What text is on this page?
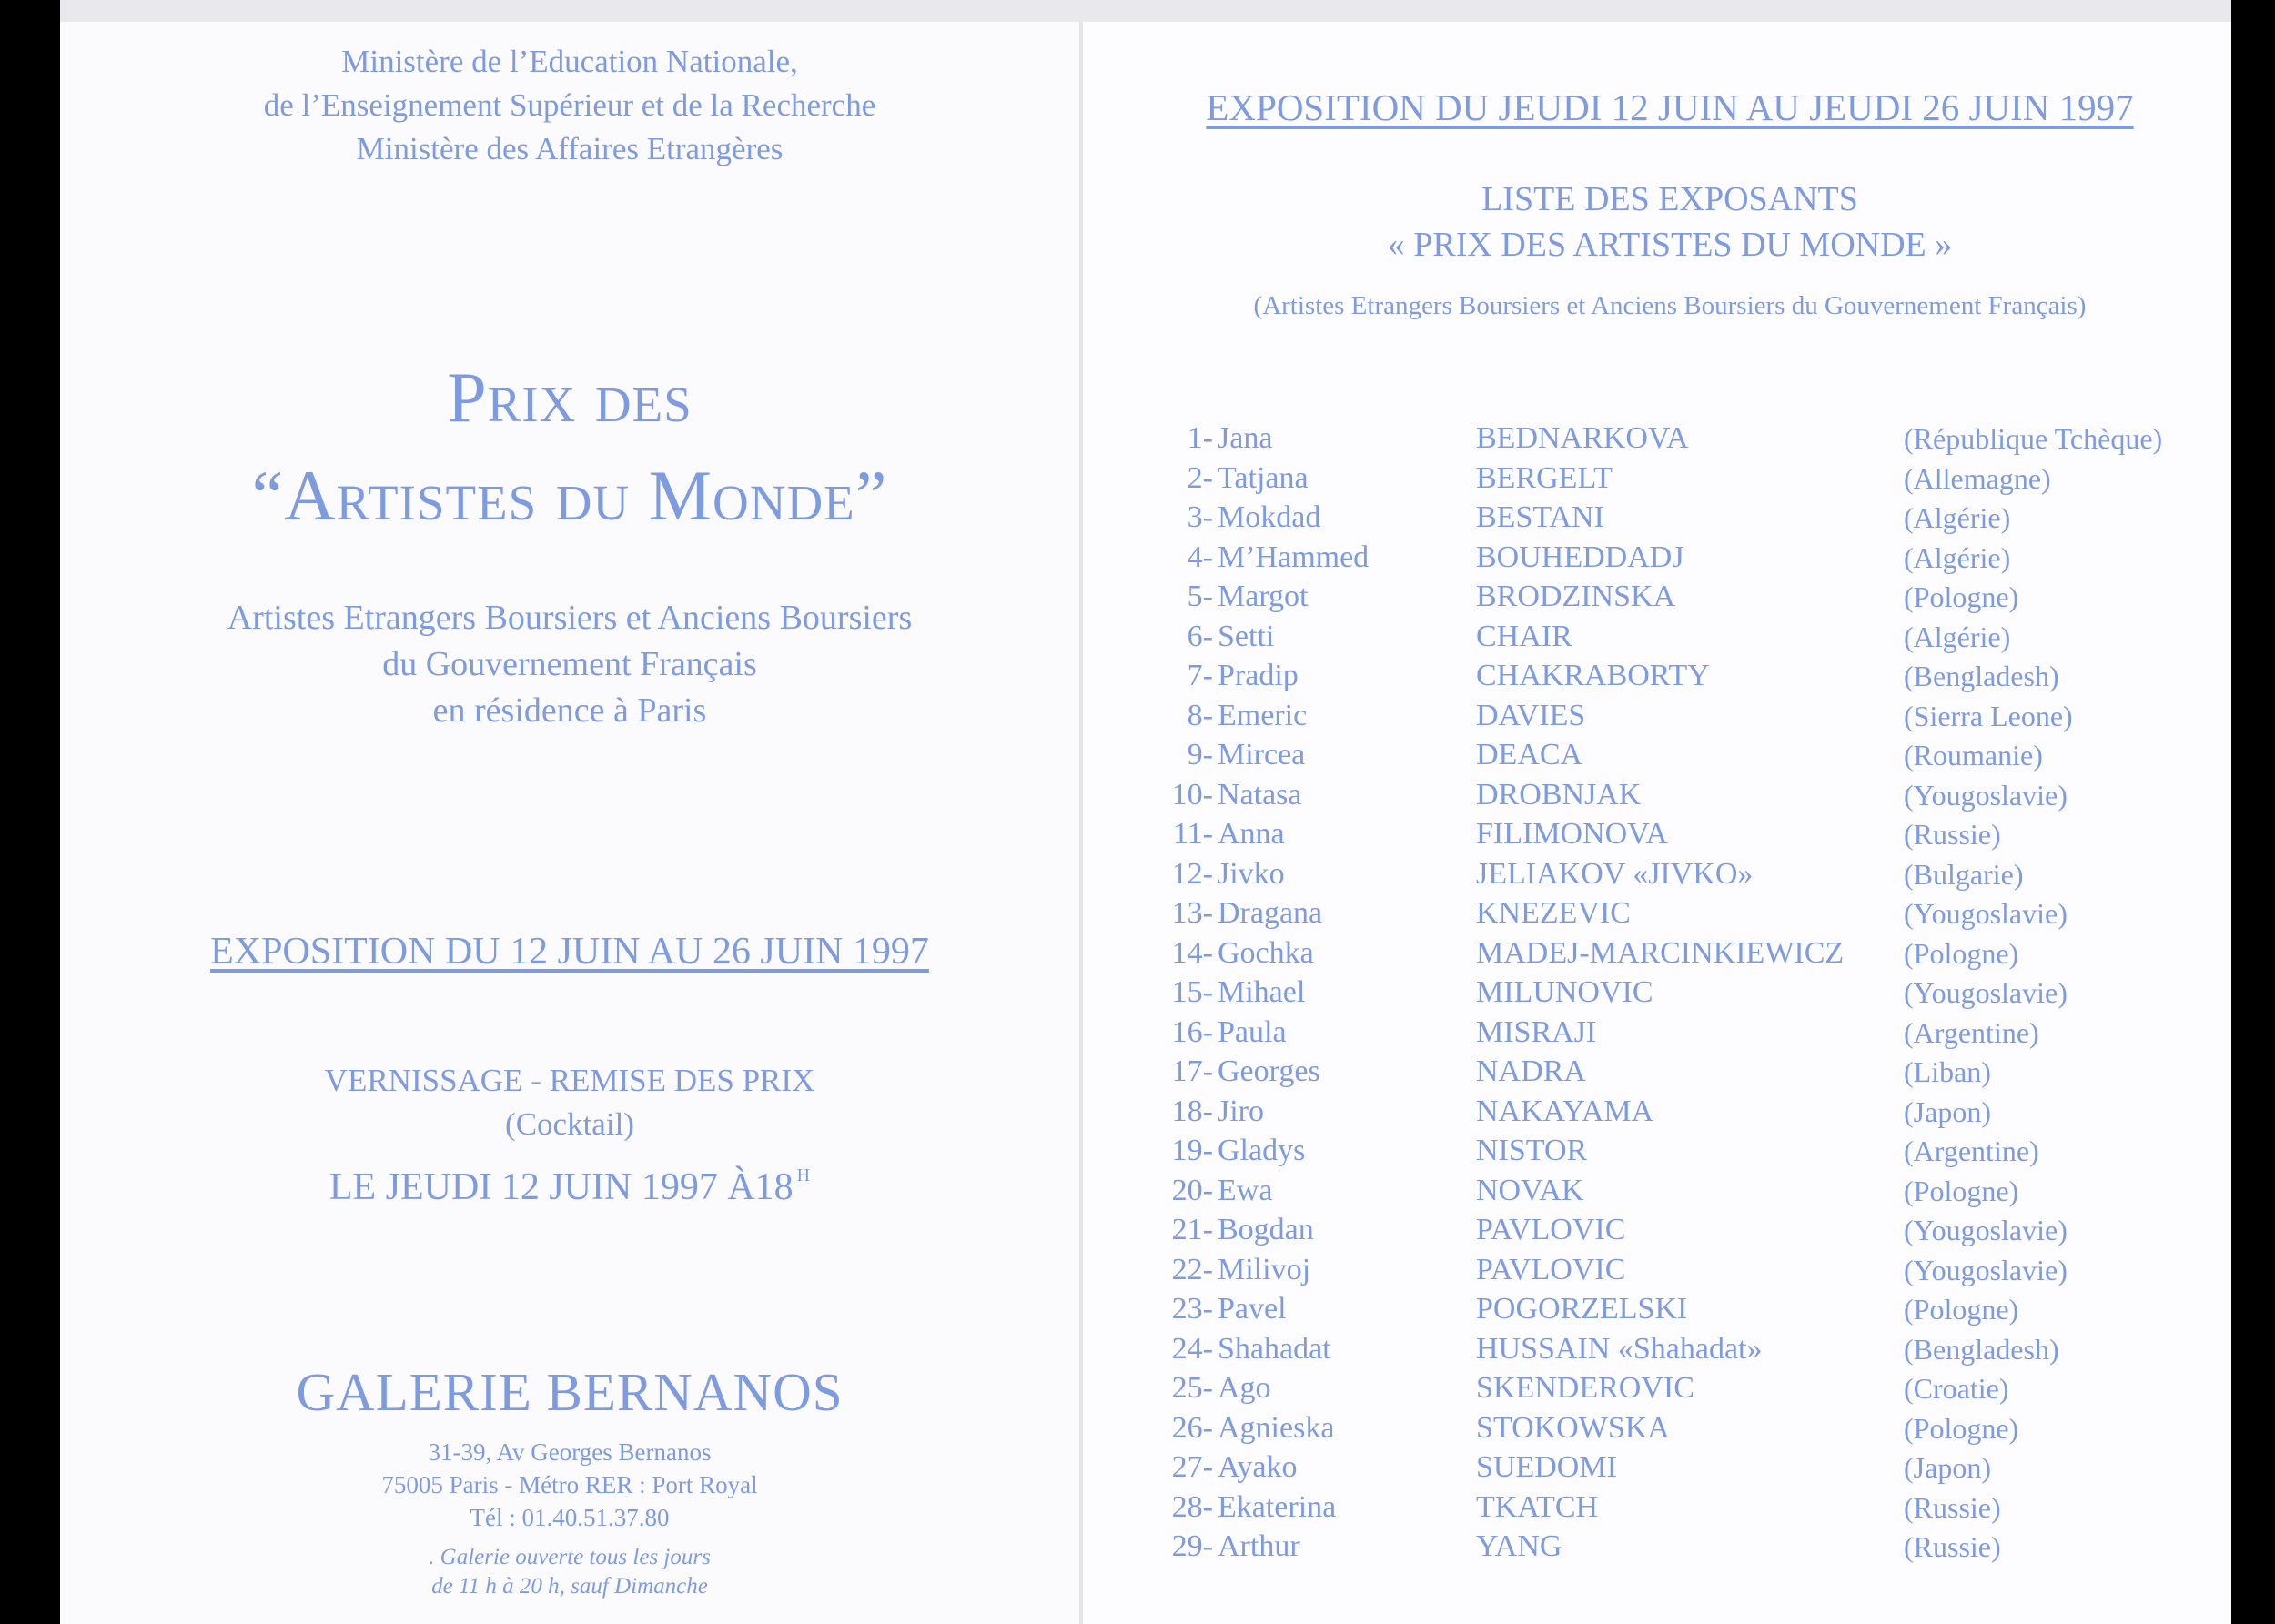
Ministère de l’Education Nationale,
de l’Enseignement Supérieur et de la Recherche
Ministère des Affaires Etrangères
Prix des
“Artistes du Monde”
Artistes Etrangers Boursiers et Anciens Boursiers
du Gouvernement Français
en résidence à Paris
EXPOSITION DU 12 JUIN AU 26 JUIN 1997
VERNISSAGE - REMISE DES PRIX
(Cocktail)
LE JEUDI 12 JUIN 1997 À18 $^H$
GALERIE BERNANOS
31-39, Av Georges Bernanos
75005 Paris - Métro RER : Port Royal
Tél : 01.40.51.37.80
. Galerie ouverte tous les jours
de 11 h à 20 h, sauf Dimanche
EXPOSITION DU JEUDI 12 JUIN AU JEUDI 26 JUIN 1997
LISTE DES EXPOSANTS
« PRIX DES ARTISTES DU MONDE »
(Artistes Etrangers Boursiers et Anciens Boursiers du Gouvernement Français)
1- Jana	BEDNARKOVA	(République Tchèque)
2- Tatjana	BERGELT	(Allemagne)
3- Mokdad	BESTANI	(Algérie)
4- M’Hammed	BOUHEDDADJ	(Algérie)
5- Margot	BRODZINSKA	(Pologne)
6- Setti	CHAIR	(Algérie)
7- Pradip	CHAKRABORTY	(Bengladesh)
8- Emeric	DAVIES	(Sierra Leone)
9- Mircea	DEACA	(Roumanie)
10- Natasa	DROBNJAK	(Yougoslavie)
11- Anna	FILIMONOVA	(Russie)
12- Jivko	JELIAKOV «JIVKO»	(Bulgarie)
13- Dragana	KNEZEVIC	(Yougoslavie)
14- Gochka	MADEJ-MARCINKIEWICZ (Pologne)
15- Mihael	MILUNOVIC	(Yougoslavie)
16- Paula	MISRAJI	(Argentine)
17- Georges	NADRA	(Liban)
18- Jiro	NAKAYAMA	(Japon)
19- Gladys	NISTOR	(Argentine)
20- Ewa	NOVAK	(Pologne)
21- Bogdan	PAVLOVIC	(Yougoslavie)
22- Milivoj	PAVLOVIC	(Yougoslavie)
23- Pavel	POGORZELSKI	(Pologne)
24- Shahadat	HUSSAIN «Shahadat»	(Bengladesh)
25- Ago	SKENDEROVIC	(Croatie)
26- Agnieska	STOKOWSKA	(Pologne)
27- Ayako	SUEDOMI	(Japon)
28- Ekaterina	TKATCH	(Russie)
29- Arthur	YANG	(Russie)
